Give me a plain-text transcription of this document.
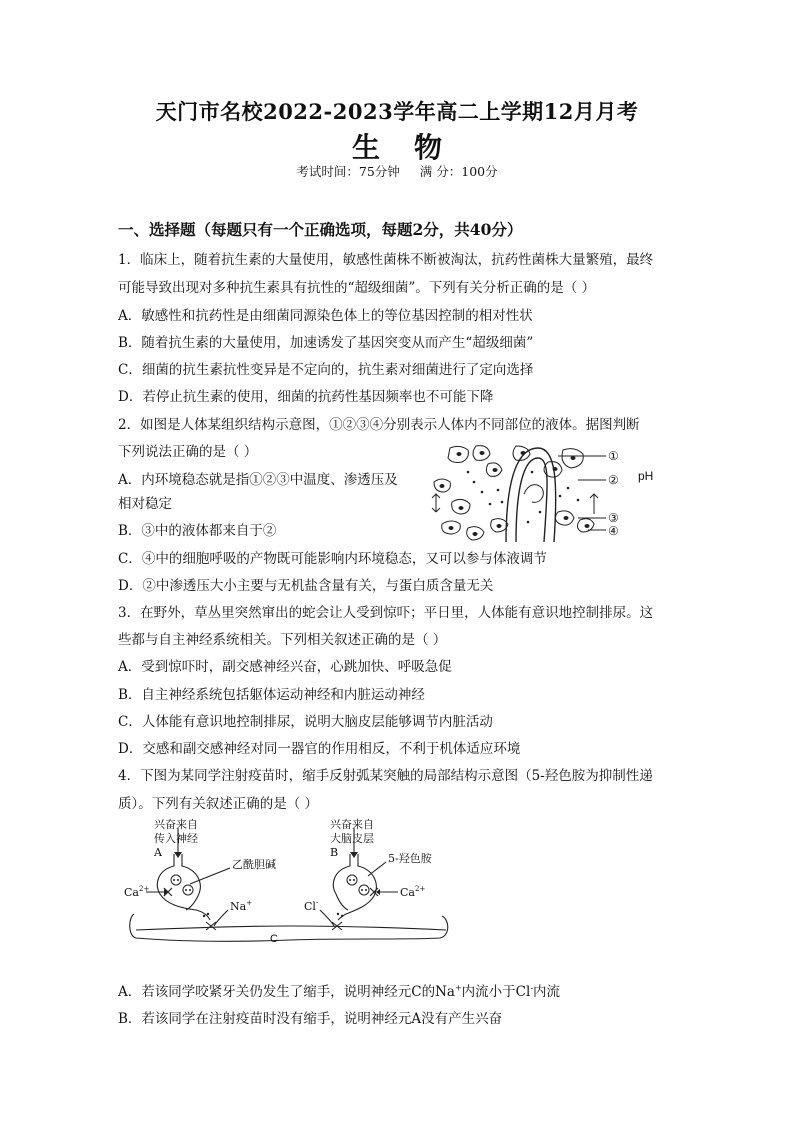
天门市名校2022-2023学年高二上学期12月月考
生物
考试时间：75分钟 满 分：100分
一、选择题（每题只有一个正确选项，每题2分，共40分）
1．临床上，随着抗生素的大量使用，敏感性菌株不断被淘汰，抗药性菌株大量繁殖，最终
可能导致出现对多种抗生素具有抗性的“超级细菌”。下列有关分析正确的是（ ）
A．敏感性和抗药性是由细菌同源染色体上的等位基因控制的相对性状
B．随着抗生素的大量使用，加速诱发了基因突变从而产生“超级细菌”
C．细菌的抗生素抗性变异是不定向的，抗生素对细菌进行了定向选择
D．若停止抗生素的使用，细菌的抗药性基因频率也不可能下降
2．如图是人体某组织结构示意图，①②③④分别表示人体内不同部位的液体。据图判断
下列说法正确的是（ ）
A．内环境稳态就是指①②③中温度、渗透压及
相对稳定
B．③中的液体都来自于②
C．④中的细胞呼吸的产物既可能影响内环境稳态，又可以参与体液调节
D．②中渗透压大小主要与无机盐含量有关，与蛋白质含量无关
①
②
③
④
pH
3．在野外，草丛里突然窜出的蛇会让人受到惊吓；平日里，人体能有意识地控制排尿。这
些都与自主神经系统相关。下列相关叙述正确的是（ ）
A．受到惊吓时，副交感神经兴奋，心跳加快、呼吸急促
B．自主神经系统包括躯体运动神经和内脏运动神经
C．人体能有意识地控制排尿，说明大脑皮层能够调节内脏活动
D．交感和副交感神经对同一器官的作用相反，不利于机体适应环境
4．下图为某同学注射疫苗时，缩手反射弧某突触的局部结构示意图（5-羟色胺为抑制性递
质）。下列有关叙述正确的是（ ）
兴奋来自
传入神经
A
乙酰胆碱
兴奋来自
大脑皮层
B	5-羟色胺
$Ca^{2+}$	$Ca^{2+}$
Na+	Cl-
C
A．若该同学咬紧牙关仍发生了缩手，说明神经元C的Na+内流小于Cl-内流
B．若该同学在注射疫苗时没有缩手，说明神经元A没有产生兴奋
